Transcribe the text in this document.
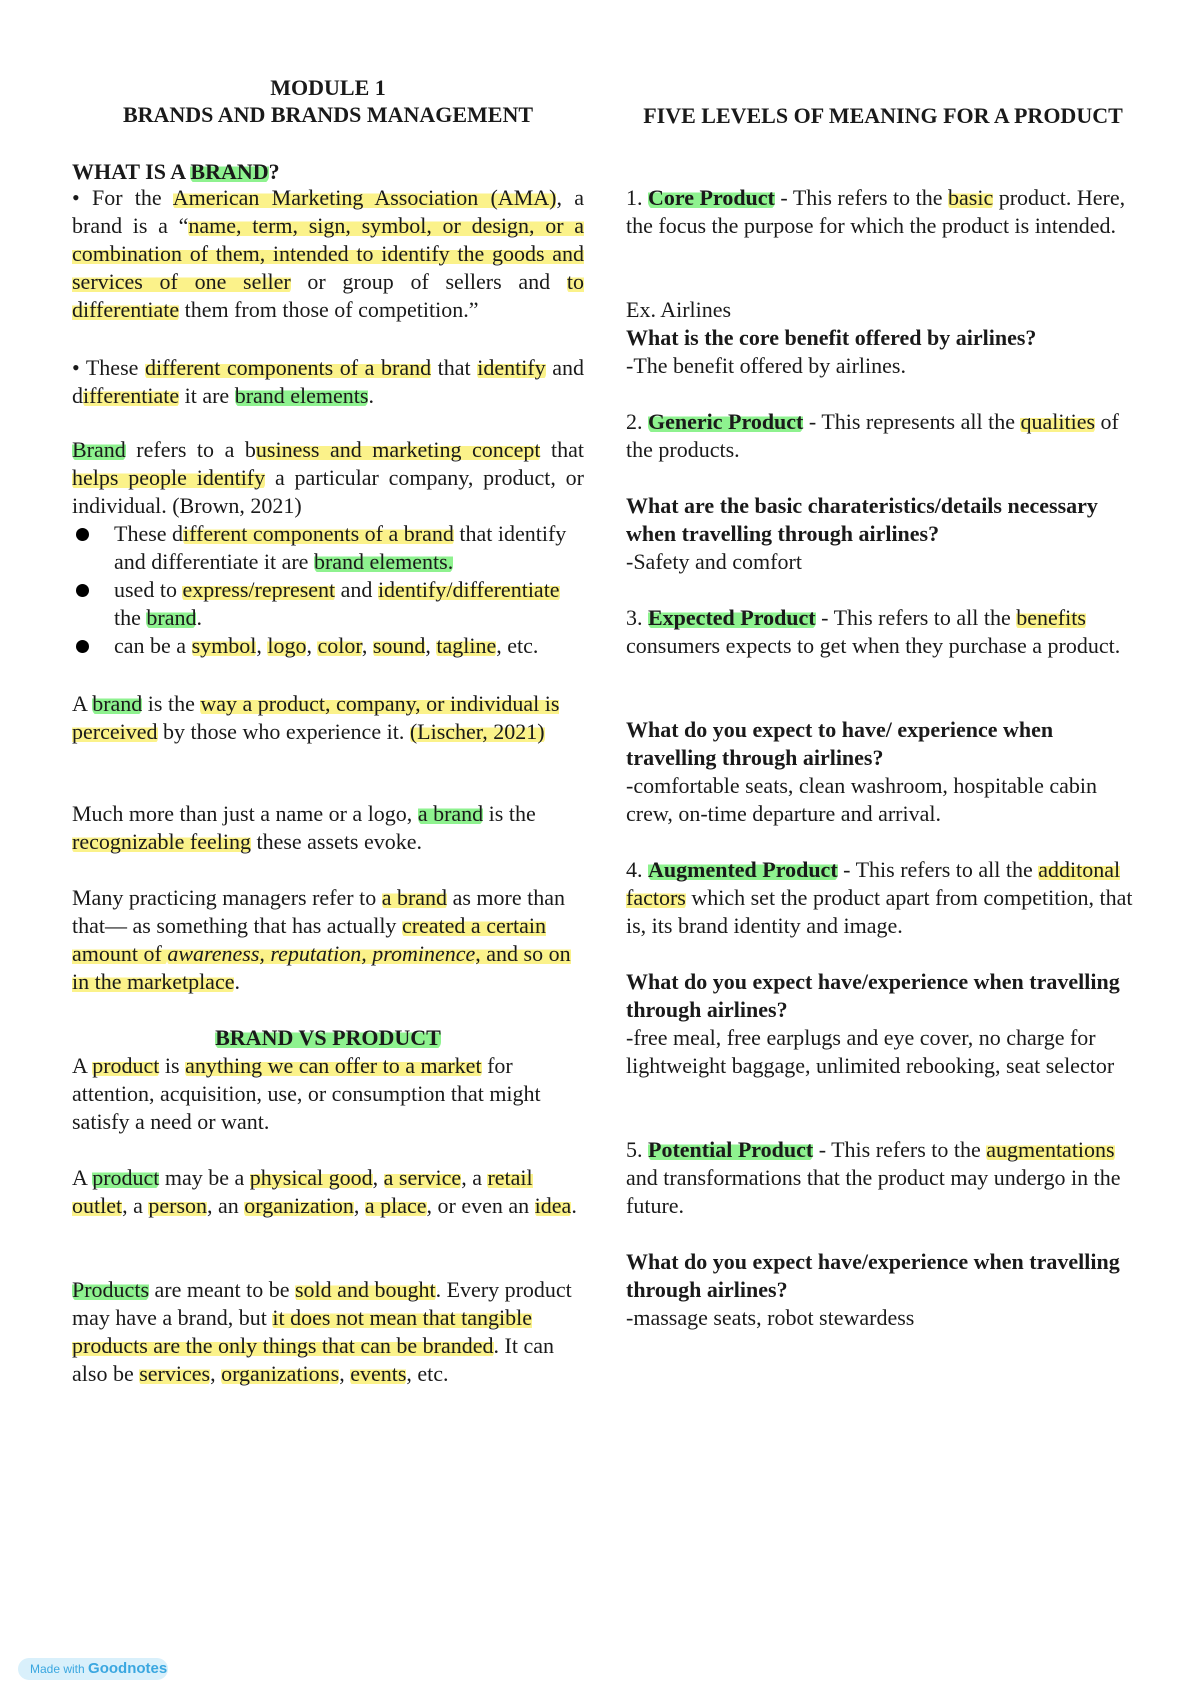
MODULE 1
BRANDS AND BRANDS MANAGEMENT	FIVE LEVELS OF MEANING FOR A PRODUCT
WHAT IS A BRAND?

• For the American Marketing Association (AMA), a brand is a “name, term, sign, symbol, or design, or a combination of them, intended to identify the goods and services of one seller or group of sellers and to differentiate them from those of competition.”

• These different components of a brand that identify and differentiate it are brand elements.

Brand refers to a business and marketing concept that helps people identify a particular company, product, or individual. (Brown, 2021)

These different components of a brand that identify and differentiate it are brand elements.
used to express/represent and identify/differentiate the brand.
can be a symbol, logo, color, sound, tagline, etc.

A brand is the way a product, company, or individual is perceived by those who experience it. (Lischer, 2021)

Much more than just a name or a logo, a brand is the recognizable feeling these assets evoke.

Many practicing managers refer to a brand as more than that— as something that has actually created a certain amount of awareness, reputation, prominence, and so on in the marketplace.

BRAND VS PRODUCT

A product is anything we can offer to a market for attention, acquisition, use, or consumption that might satisfy a need or want.

A product may be a physical good, a service, a retail outlet, a person, an organization, a place, or even an idea.

Products are meant to be sold and bought. Every product may have a brand, but it does not mean that tangible products are the only things that can be branded. It can also be services, organizations, events, etc.

1. Core Product - This refers to the basic product. Here, the focus the purpose for which the product is intended.

Ex. Airlines

What is the core benefit offered by airlines?

-The benefit offered by airlines.

2. Generic Product - This represents all the qualities of the products.

What are the basic charateristics/details necessary when travelling through airlines?

-Safety and comfort

3. Expected Product - This refers to all the benefits consumers expects to get when they purchase a product.

What do you expect to have/ experience when travelling through airlines?

-comfortable seats, clean washroom, hospitable cabin crew, on-time departure and arrival.

4. Augmented Product - This refers to all the additonal factors which set the product apart from competition, that is, its brand identity and image.

What do you expect have/experience when travelling through airlines?

-free meal, free earplugs and eye cover, no charge for lightweight baggage, unlimited rebooking, seat selector

5. Potential Product - This refers to the augmentations and transformations that the product may undergo in the future.

What do you expect have/experience when travelling through airlines?

-massage seats, robot stewardess

Made with Goodnotes
